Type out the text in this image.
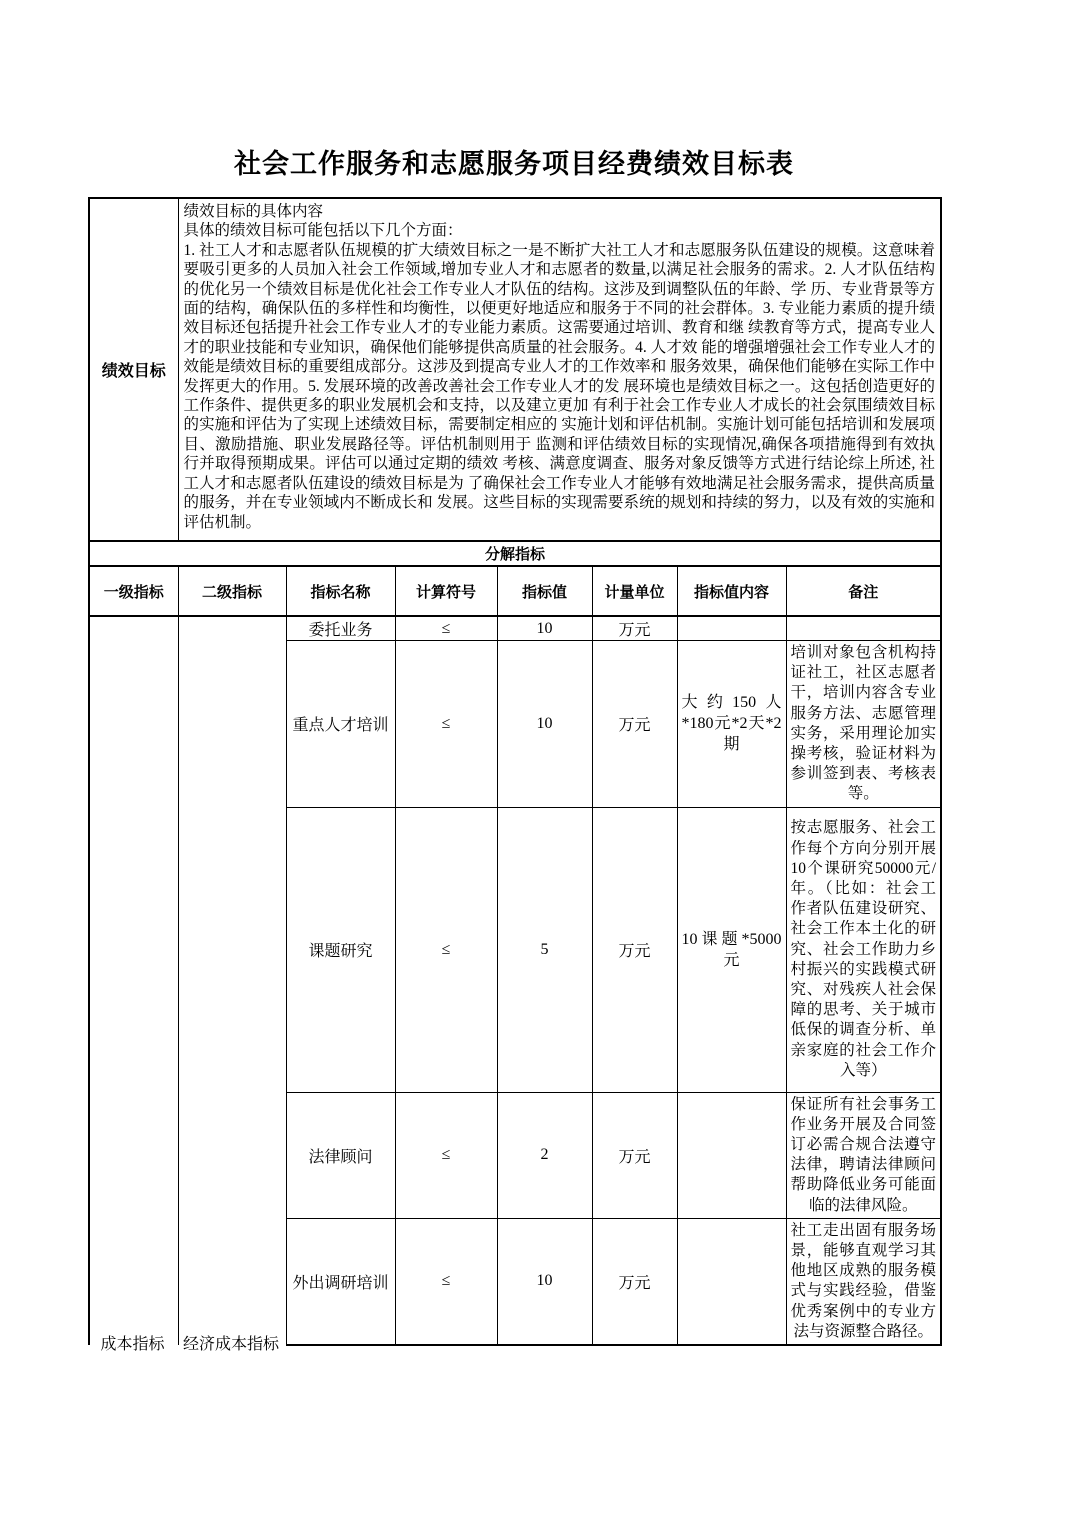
社会工作服务和志愿服务项目经费绩效目标表
绩效目标	绩效目标的具体内容
具体的绩效目标可能包括以下几个方面：
1. 社工人才和志愿者队伍规模的扩大绩效目标之一是不断扩大社工人才和志愿服务队伍建设的规模。这意味着要吸引更多的人员加入社会工作领域,增加专业人才和志愿者的数量,以满足社会服务的需求。2. 人才队伍结构的优化另一个绩效目标是优化社会工作专业人才队伍的结构。这涉及到调整队伍的年龄、学 历、专业背景等方面的结构，确保队伍的多样性和均衡性，以便更好地适应和服务于不同的社会群体。3. 专业能力素质的提升绩效目标还包括提升社会工作专业人才的专业能力素质。这需要通过培训、教育和继 续教育等方式，提高专业人才的职业技能和专业知识，确保他们能够提供高质量的社会服务。4. 人才效 能的增强增强社会工作专业人才的效能是绩效目标的重要组成部分。这涉及到提高专业人才的工作效率和 服务效果，确保他们能够在实际工作中发挥更大的作用。5. 发展环境的改善改善社会工作专业人才的发 展环境也是绩效目标之一。这包括创造更好的工作条件、提供更多的职业发展机会和支持，以及建立更加 有利于社会工作专业人才成长的社会氛围绩效目标的实施和评估为了实现上述绩效目标，需要制定相应的 实施计划和评估机制。实施计划可能包括培训和发展项目、激励措施、职业发展路径等。评估机制则用于 监测和评估绩效目标的实现情况,确保各项措施得到有效执行并取得预期成果。评估可以通过定期的绩效 考核、满意度调查、服务对象反馈等方式进行结论综上所述, 社工人才和志愿者队伍建设的绩效目标是为 了确保社会工作专业人才能够有效地满足社会服务需求，提供高质量的服务，并在专业领域内不断成长和 发展。这些目标的实现需要系统的规划和持续的努力，以及有效的实施和评估机制。						

分解指标							
一级指标	二级指标	指标名称	计算符号	指标值	计量单位	指标值内容	备注
		委托业务	≤	10	万元		
		重点人才培训	≤	10	万元	大约150人*180元*2天*2期	培训对象包含机构持证社工，社区志愿者干，培训内容含专业服务方法、志愿管理实务，采用理论加实操考核，验证材料为参训签到表、考核表等。
		课题研究	≤	5	万元	10课题*5000元	按志愿服务、社会工作每个方向分别开展10个课研究50000元/ 年。（比如：社会工 作者队伍建设研究、社会工作本土化的研 究、社会工作助力乡 村振兴的实践模式研 究、对残疾人社会保 障的思考、关于城市 低保的调查分析、单 亲家庭的社会工作介 入等）
		法律顾问	≤	2	万元		保证所有社会事务工作业务开展及合同签订必需合规合法遵守法律，聘请法律顾问帮助降低业务可能面临的法律风险。
		外出调研培训	≤	10	万元		社工走出固有服务场景，能够直观学习其他地区成熟的服务模式与实践经验，借鉴优秀案例中的专业方法与资源整合路径。
成本指标	经济成本指标
